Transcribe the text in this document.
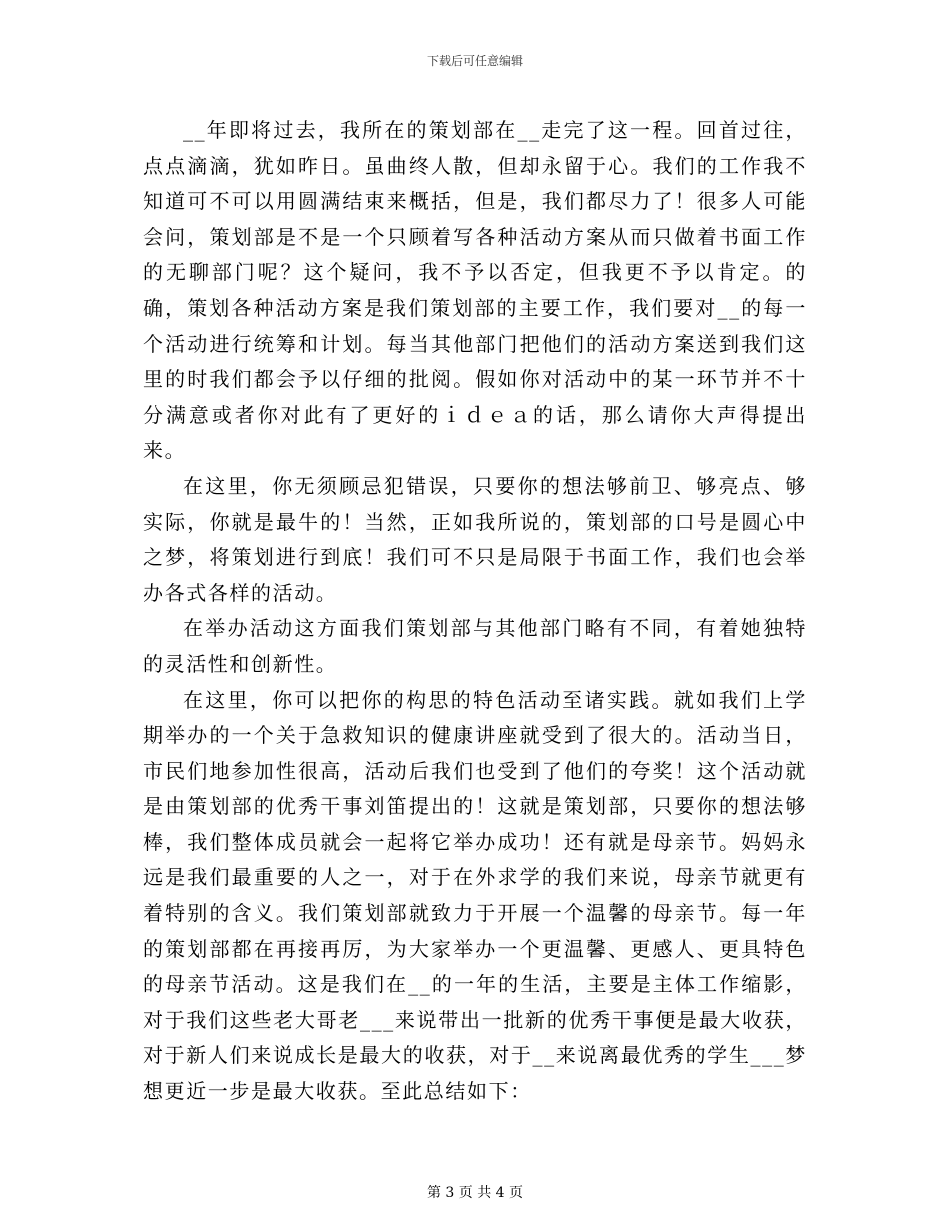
下载后可任意编辑

__年即将过去，我所在的策划部在__走完了这一程。回首过往，点点滴滴，犹如昨日。虽曲终人散，但却永留于心。我们的工作我不知道可不可以用圆满结束来概括，但是，我们都尽力了！很多人可能会问，策划部是不是一个只顾着写各种活动方案从而只做着书面工作的无聊部门呢？这个疑问，我不予以否定，但我更不予以肯定。的确，策划各种活动方案是我们策划部的主要工作，我们要对__的每一个活动进行统筹和计划。每当其他部门把他们的活动方案送到我们这里的时我们都会予以仔细的批阅。假如你对活动中的某一环节并不十分满意或者你对此有了更好的ｉｄｅａ的话，那么请你大声得提出来。

在这里，你无须顾忌犯错误，只要你的想法够前卫、够亮点、够实际，你就是最牛的！当然，正如我所说的，策划部的口号是圆心中之梦，将策划进行到底！我们可不只是局限于书面工作，我们也会举办各式各样的活动。

在举办活动这方面我们策划部与其他部门略有不同，有着她独特的灵活性和创新性。

在这里，你可以把你的构思的特色活动至诸实践。就如我们上学期举办的一个关于急救知识的健康讲座就受到了很大的。活动当日，市民们地参加性很高，活动后我们也受到了他们的夸奖！这个活动就是由策划部的优秀干事刘笛提出的！这就是策划部，只要你的想法够棒，我们整体成员就会一起将它举办成功！还有就是母亲节。妈妈永远是我们最重要的人之一，对于在外求学的我们来说，母亲节就更有着特别的含义。我们策划部就致力于开展一个温馨的母亲节。每一年的策划部都在再接再厉，为大家举办一个更温馨、更感人、更具特色的母亲节活动。这是我们在__的一年的生活，主要是主体工作缩影，对于我们这些老大哥老___来说带出一批新的优秀干事便是最大收获，对于新人们来说成长是最大的收获，对于__来说离最优秀的学生___梦想更近一步是最大收获。至此总结如下：

第 3 页 共 4 页
